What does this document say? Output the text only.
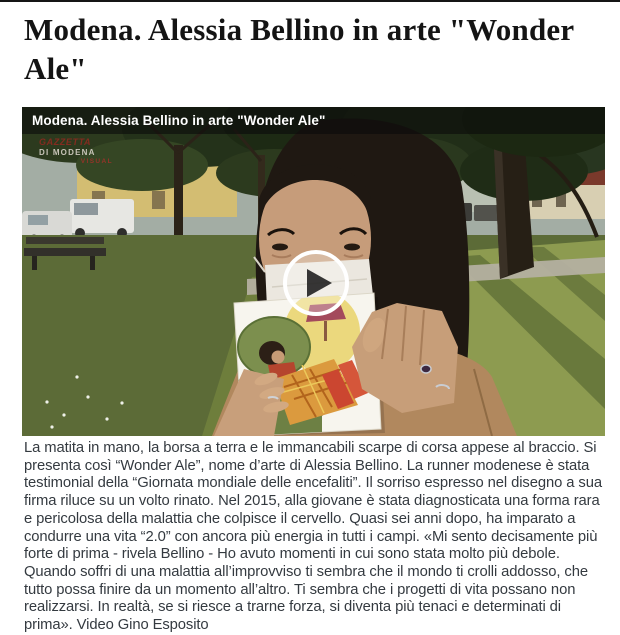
Modena. Alessia Bellino in arte "Wonder Ale"
Modena. Alessia Bellino in arte "Wonder Ale"
GAZZETTA
DI MODENA
VISUAL

La matita in mano, la borsa a terra e le immancabili scarpe di corsa appese al braccio. Si presenta così “Wonder Ale”, nome d’arte di Alessia Bellino. La runner modenese è stata testimonial della “Giornata mondiale delle encefaliti”. Il sorriso espresso nel disegno a sua firma riluce su un volto rinato. Nel 2015, alla giovane è stata diagnosticata una forma rara e pericolosa della malattia che colpisce il cervello. Quasi sei anni dopo, ha imparato a condurre una vita “2.0” con ancora più energia in tutti i campi. «Mi sento decisamente più forte di prima - rivela Bellino - Ho avuto momenti in cui sono stata molto più debole. Quando soffri di una malattia all’improvviso ti sembra che il mondo ti crolli addosso, che tutto possa finire da un momento all’altro. Ti sembra che i progetti di vita possano non realizzarsi. In realtà, se si riesce a trarne forza, si diventa più tenaci e determinati di prima». Video Gino Esposito
